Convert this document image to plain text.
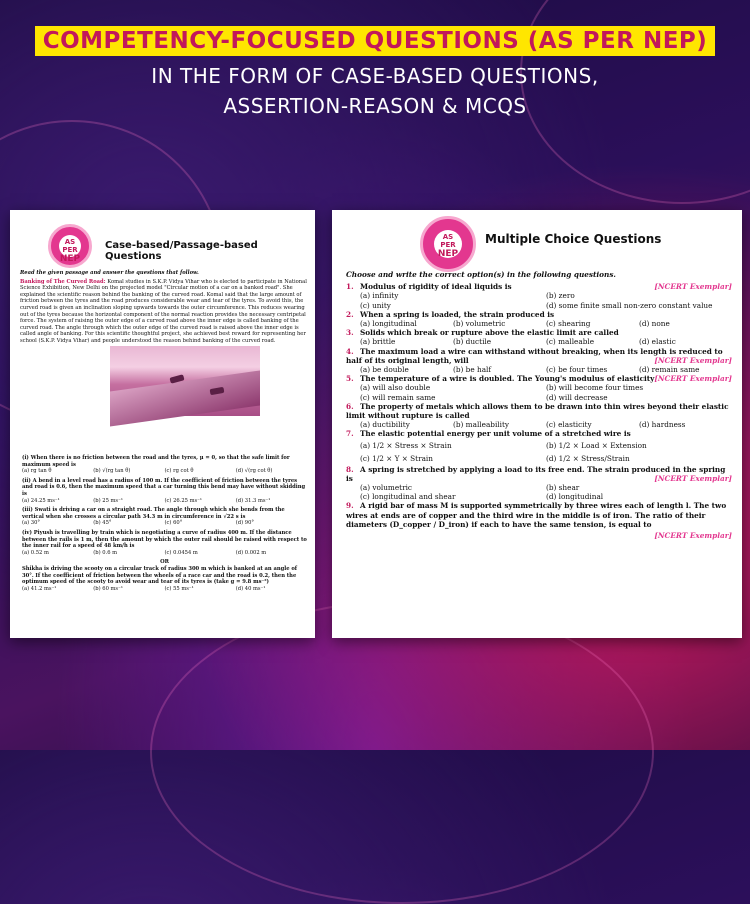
COMPETENCY-FOCUSED QUESTIONS (AS PER NEP)
IN THE FORM OF CASE-BASED QUESTIONS,
ASSERTION-REASON & MCQS
AS PER
NEP
Case-based/Passage-based Questions
Read the given passage and answer the questions that follow.
Banking of The Curved Road: Komal studies in S.K.P. Vidya Vihar who is elected to participate in National Science Exhibition, New Delhi on the projected model "Circular motion of a car on a banked road". She explained the scientific reason behind the banking of the curved road. Komal said that the large amount of friction between the tyres and the road produces considerable wear and tear of the tyres. To avoid this, the curved road is given an inclination sloping upwards towards the outer circumference. This reduces wearing out of the tyres because the horizontal component of the normal reaction provides the necessary centripetal force. The system of raising the outer edge of a curved road above the inner edge is called banking of the curved road. The angle through which the outer edge of the curved road is raised above the inner edge is called angle of banking. For this scientific thoughtful project, she achieved best reward for representing her school (S.K.P. Vidya Vihar) and people understood the reason behind banking of the curved road.
(i) When there is no friction between the road and the tyres, μ = 0, so that the safe limit for maximum speed is
(a) rg tan θ	(b) √(rg tan θ)	(c) rg cot θ	(d) √(rg cot θ)
(ii) A bend in a level road has a radius of 100 m. If the coefficient of friction between the tyres and road is 0.6, then the maximum speed that a car turning this bend may have without skidding is
(a) 24.25 ms⁻¹	(b) 25 ms⁻¹	(c) 26.25 ms⁻¹	(d) 31.3 ms⁻¹
(iii) Swati is driving a car on a straight road. The angle through which she bends from the vertical when she crosses a circular path 34.3 m in circumference in √22 s is
(a) 30°	(b) 45°	(c) 60°	(d) 90°
(iv) Piyush is travelling by train which is negotiating a curve of radius 400 m. If the distance between the rails is 1 m, then the amount by which the outer rail should be raised with respect to the inner rail for a speed of 48 km/h is
(a) 0.52 m	(b) 0.6 m	(c) 0.0454 m	(d) 0.002 m
OR
Shikha is driving the scooty on a circular track of radius 300 m which is banked at an angle of 30°. If the coefficient of friction between the wheels of a race car and the road is 0.2, then the optimum speed of the scooty to avoid wear and tear of its tyres is (take g = 9.8 ms⁻²)
(a) 41.2 ms⁻¹	(b) 60 ms⁻¹	(c) 55 ms⁻¹	(d) 40 ms⁻¹
AS PER
NEP
Multiple Choice Questions
Choose and write the correct option(s) in the following questions.
1. Modulus of rigidity of ideal liquids is	[NCERT Exemplar]
(a) infinity	(b) zero
(c) unity	(d) some finite small non-zero constant value
2. When a spring is loaded, the strain produced is
(a) longitudinal	(b) volumetric	(c) shearing	(d) none
3. Solids which break or rupture above the elastic limit are called
(a) brittle	(b) ductile	(c) malleable	(d) elastic
4. The maximum load a wire can withstand without breaking, when its length is reduced to half of its original length, will	[NCERT Exemplar]
(a) be double	(b) be half	(c) be four times	(d) remain same
5. The temperature of a wire is doubled. The Young's modulus of elasticity [NCERT Exemplar]
(a) will also double	(b) will become four times
(c) will remain same	(d) will decrease
6. The property of metals which allows them to be drawn into thin wires beyond their elastic limit without rupture is called
(a) ductibility	(b) malleability	(c) elasticity	(d) hardness
7. The elastic potential energy per unit volume of a stretched wire is
(a) 1/2 × Stress × Strain	(b) 1/2 × Load × Extension
(c) 1/2 × Y × Strain	(d) 1/2 × Stress/Strain
8. A spring is stretched by applying a load to its free end. The strain produced in the spring is	[NCERT Exemplar]
(a) volumetric	(b) shear
(c) longitudinal and shear	(d) longitudinal
9. A rigid bar of mass M is supported symmetrically by three wires each of length l. The two wires at ends are of copper and the third wire in the middle is of iron. The ratio of their diameters (D_copper / D_iron) if each to have the same tension, is equal to
[NCERT Exemplar]
